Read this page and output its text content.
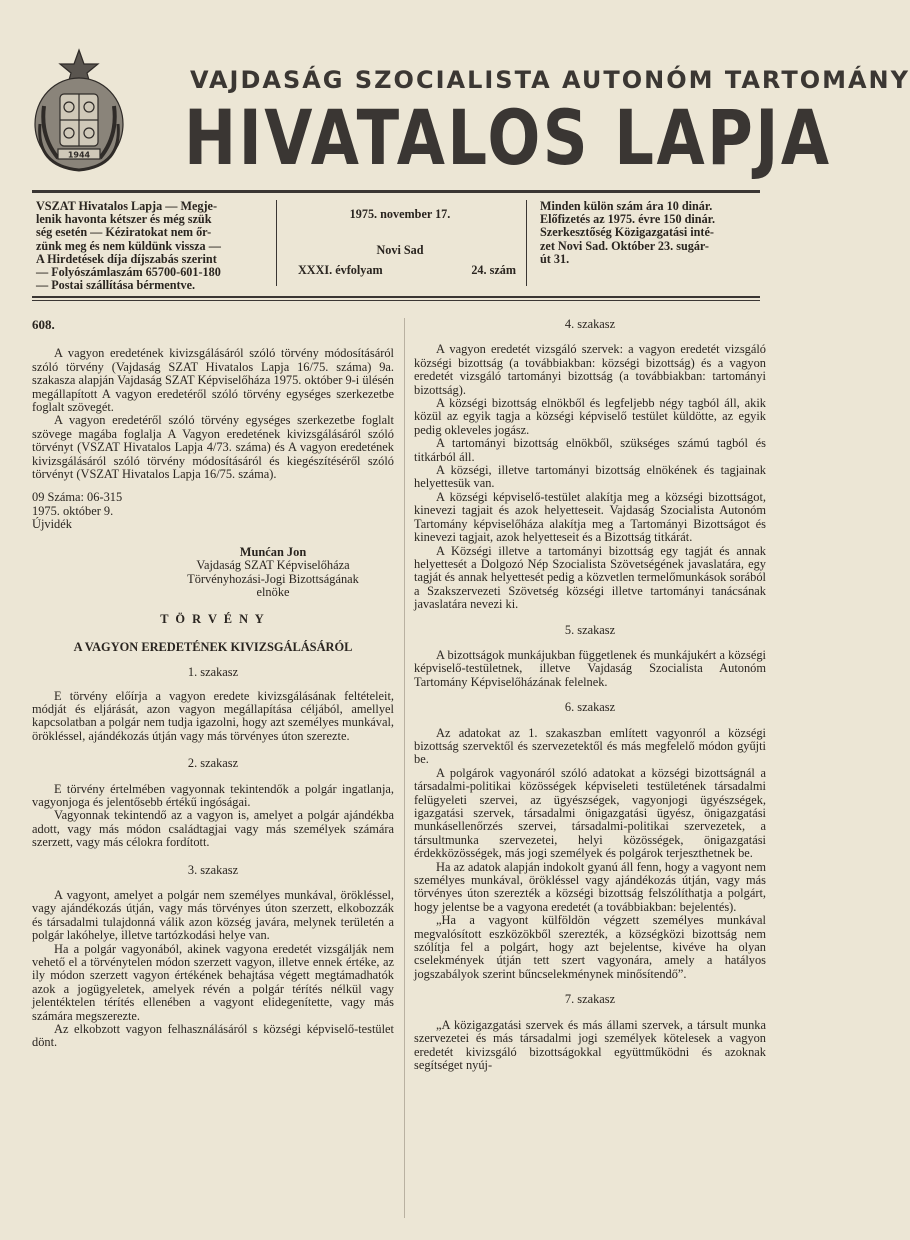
1944
VAJDASÁG SZOCIALISTA AUTONÓM TARTOMÁNY
HIVATALOS LAPJA
VSZAT Hivatalos Lapja — Megje-
lenik havonta kétszer és még szük
ség esetén — Kéziratokat nem őr-
zünk meg és nem küldünk vissza —
A Hirdetések díja díjszabás szerint
— Folyószámlaszám 65700-601-180
— Postai szállítása bérmentve.
1975. november 17.
Novi Sad
XXXI. évfolyam	24. szám
Minden külön szám ára 10 dinár.
Előfizetés az 1975. évre 150 dinár.
Szerkesztőség Közigazgatási inté-
zet Novi Sad. Október 23. sugár-
út 31.

608.

A vagyon eredetének kivizsgálásáról szóló törvény módosításáról szóló törvény (Vajdaság SZAT Hivatalos Lapja 16/75. száma) 9a. szakasza alapján Vajdaság SZAT Képviselőháza 1975. október 9-i ülésén megállapított A vagyon eredetéről szóló törvény egységes szerkezetbe foglalt szövegét.

A vagyon eredetéről szóló törvény egységes szerkezetbe foglalt szövege magába foglalja A Vagyon eredetének kivizsgálásáról szóló törvényt (VSZAT Hivatalos Lapja 4/73. száma) és A vagyon eredetének kivizsgálásáról szóló törvény módosításáról és kiegészítéséről szóló törvényt (VSZAT Hivatalos Lapja 16/75. száma).

09 Száma: 06-315

1975. október 9.

Újvidék

Munćan Jon

Vajdaság SZAT Képviselőháza

Törvényhozási-Jogi Bizottságának

elnöke

T Ö R V É N Y

A VAGYON EREDETÉNEK KIVIZSGÁLÁSÁRÓL

1. szakasz

E törvény előírja a vagyon eredete kivizsgálásának feltételeit, módját és eljárását, azon vagyon megállapítása céljából, amellyel kapcsolatban a polgár nem tudja igazolni, hogy azt személyes munkával, örökléssel, ajándékozás útján vagy más törvényes úton szerezte.

2. szakasz

E törvény értelmében vagyonnak tekintendők a polgár ingatlanja, vagyonjoga és jelentősebb értékű ingóságai.

Vagyonnak tekintendő az a vagyon is, amelyet a polgár ajándékba adott, vagy más módon családtagjai vagy más személyek számára szerzett, vagy más célokra fordított.

3. szakasz

A vagyont, amelyet a polgár nem személyes munkával, örökléssel, vagy ajándékozás útján, vagy más törvényes úton szerzett, elkobozzák és társadalmi tulajdonná válik azon község javára, melynek területén a polgár lakóhelye, illetve tartózkodási helye van.

Ha a polgár vagyonából, akinek vagyona eredetét vizsgálják nem vehető el a törvénytelen módon szerzett vagyon, illetve ennek értéke, az ily módon szerzett vagyon értékének behajtása végett megtámadhatók azok a jogügyeletek, amelyek révén a polgár térítés nélkül vagy jelentéktelen térítés ellenében a vagyont elidegenítette, vagy más számára megszerezte.

Az elkobzott vagyon felhasználásáról s községi képviselő-testület dönt.

4. szakasz

A vagyon eredetét vizsgáló szervek: a vagyon eredetét vizsgáló községi bizottság (a továbbiakban: községi bizottság) és a vagyon eredetét vizsgáló tartományi bizottság (a továbbiakban: tartományi bizottság).

A községi bizottság elnökből és legfeljebb négy tagból áll, akik közül az egyik tagja a községi képviselő testület küldötte, az egyik pedig okleveles jogász.

A tartományi bizottság elnökből, szükséges számú tagból és titkárból áll.

A községi, illetve tartományi bizottság elnökének és tagjainak helyettesük van.

A községi képviselő-testület alakítja meg a községi bizottságot, kinevezi tagjait és azok helyetteseit. Vajdaság Szocialista Autonóm Tartomány képviselőháza alakítja meg a Tartományi Bizottságot és kinevezi tagjait, azok helyetteseit és a Bizottság titkárát.

A Községi illetve a tartományi bizottság egy tagját és annak helyettesét a Dolgozó Nép Szocialista Szövetségének javaslatára, egy tagját és annak helyettesét pedig a közvetlen termelőmunkások sorából a Szakszervezeti Szövetség községi illetve tartományi tanácsának javaslatára nevezi ki.

5. szakasz

A bizottságok munkájukban függetlenek és munkájukért a községi képviselő-testületnek, illetve Vajdaság Szocialista Autonóm Tartomány Képviselőházának felelnek.

6. szakasz

Az adatokat az 1. szakaszban említett vagyonról a községi bizottság szervektől és szervezetektől és más megfelelő módon gyűjti be.

A polgárok vagyonáról szóló adatokat a községi bizottságnál a társadalmi-politikai közösségek képviseleti testületének társadalmi felügyeleti szervei, az ügyészségek, vagyonjogi ügyészségek, igazgatási szervek, társadalmi önigazgatási ügyész, önigazgatási munkásellenőrzés szervei, társadalmi-politikai szervezetek, a társultmunka szervezetei, helyi közösségek, önigazgatási érdekközösségek, más jogi személyek és polgárok terjeszthetnek be.

Ha az adatok alapján indokolt gyanú áll fenn, hogy a vagyont nem személyes munkával, örökléssel vagy ajándékozás útján, vagy más törvényes úton szerezték a községi bizottság felszólíthatja a polgárt, hogy jelentse be a vagyona eredetét (a továbbiakban: bejelentés).

„Ha a vagyont külföldön végzett személyes munkával megvalósított eszközökből szerezték, a községközi bizottság nem szólítja fel a polgárt, hogy azt bejelentse, kivéve ha olyan cselekmények útján tett szert vagyonára, amely a hatályos jogszabályok szerint bűncselekménynek minősítendő”.

7. szakasz

„A közigazgatási szervek és más állami szervek, a társult munka szervezetei és más társadalmi jogi személyek kötelesek a vagyon eredetét kivizsgáló bizottságokkal együttműködni és azoknak segítséget nyúj-
